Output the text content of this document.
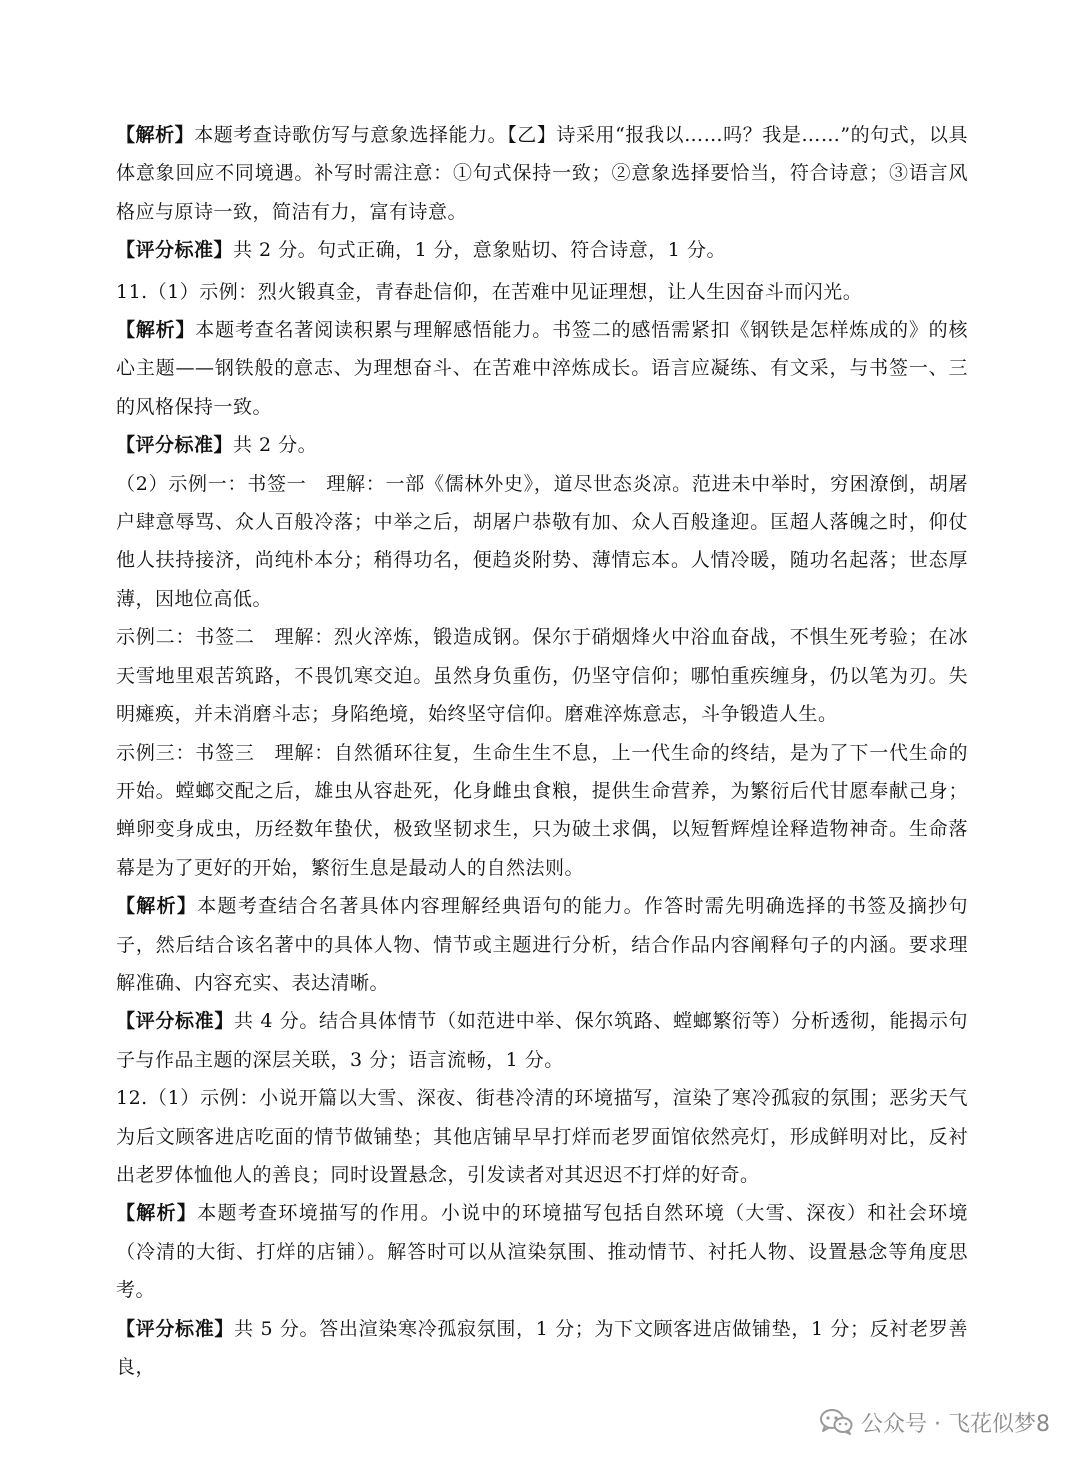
【解析】本题考查诗歌仿写与意象选择能力。【乙】诗采用“报我以……吗？我是……”的句式，以具体意象回应不同境遇。补写时需注意：①句式保持一致；②意象选择要恰当，符合诗意；③语言风格应与原诗一致，简洁有力，富有诗意。

【评分标准】共 2 分。句式正确，1 分，意象贴切、符合诗意，1 分。

11.（1）示例：烈火锻真金，青春赴信仰，在苦难中见证理想，让人生因奋斗而闪光。

【解析】本题考查名著阅读积累与理解感悟能力。书签二的感悟需紧扣《钢铁是怎样炼成的》的核心主题——钢铁般的意志、为理想奋斗、在苦难中淬炼成长。语言应凝练、有文采，与书签一、三的风格保持一致。

【评分标准】共 2 分。

（2）示例一：书签一　理解：一部《儒林外史》，道尽世态炎凉。范进未中举时，穷困潦倒，胡屠户肆意辱骂、众人百般冷落；中举之后，胡屠户恭敬有加、众人百般逢迎。匡超人落魄之时，仰仗他人扶持接济，尚纯朴本分；稍得功名，便趋炎附势、薄情忘本。人情冷暖，随功名起落；世态厚薄，因地位高低。

示例二：书签二　理解：烈火淬炼，锻造成钢。保尔于硝烟烽火中浴血奋战，不惧生死考验；在冰天雪地里艰苦筑路，不畏饥寒交迫。虽然身负重伤，仍坚守信仰；哪怕重疾缠身，仍以笔为刃。失明瘫痪，并未消磨斗志；身陷绝境，始终坚守信仰。磨难淬炼意志，斗争锻造人生。

示例三：书签三　理解：自然循环往复，生命生生不息，上一代生命的终结，是为了下一代生命的开始。螳螂交配之后，雄虫从容赴死，化身雌虫食粮，提供生命营养，为繁衍后代甘愿奉献己身；蝉卵变身成虫，历经数年蛰伏，极致坚韧求生，只为破土求偶，以短暂辉煌诠释造物神奇。生命落幕是为了更好的开始，繁衍生息是最动人的自然法则。

【解析】本题考查结合名著具体内容理解经典语句的能力。作答时需先明确选择的书签及摘抄句子，然后结合该名著中的具体人物、情节或主题进行分析，结合作品内容阐释句子的内涵。要求理解准确、内容充实、表达清晰。

【评分标准】共 4 分。结合具体情节（如范进中举、保尔筑路、螳螂繁衍等）分析透彻，能揭示句子与作品主题的深层关联，3 分；语言流畅，1 分。

12.（1）示例：小说开篇以大雪、深夜、街巷冷清的环境描写，渲染了寒冷孤寂的氛围；恶劣天气为后文顾客进店吃面的情节做铺垫；其他店铺早早打烊而老罗面馆依然亮灯，形成鲜明对比，反衬出老罗体恤他人的善良；同时设置悬念，引发读者对其迟迟不打烊的好奇。

【解析】本题考查环境描写的作用。小说中的环境描写包括自然环境（大雪、深夜）和社会环境（冷清的大街、打烊的店铺）。解答时可以从渲染氛围、推动情节、衬托人物、设置悬念等角度思考。

【评分标准】共 5 分。答出渲染寒冷孤寂氛围，1 分；为下文顾客进店做铺垫，1 分；反衬老罗善良，

公众号 · 飞花似梦8
